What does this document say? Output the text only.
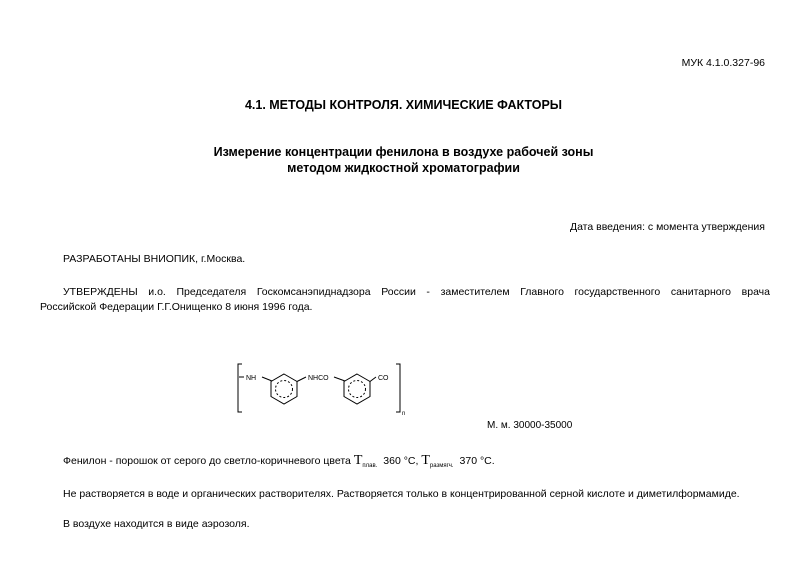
МУК 4.1.0.327-96
4.1. МЕТОДЫ КОНТРОЛЯ. ХИМИЧЕСКИЕ ФАКТОРЫ
Измерение концентрации фенилона в воздухе рабочей зоны
методом жидкостной хроматографии
Дата введения: с момента утверждения
РАЗРАБОТАНЫ ВНИОПИК, г.Москва.
УТВЕРЖДЕНЫ и.о. Председателя Госкомсанэпиднадзора России - заместителем Главного государственного санитарного врача
Российской Федерации Г.Г.Онищенко 8 июня 1996 года.
NH	NHCO	CO
n
М. м. 30000-35000
Фенилон - порошок от серого до светло-коричневого цвета $T_{плав.}$ 360 °С, $T_{размягч.}$ 370 °С.
Не растворяется в воде и органических растворителях. Растворяется только в концентрированной серной кислоте и диметилформамиде.
В воздухе находится в виде аэрозоля.
